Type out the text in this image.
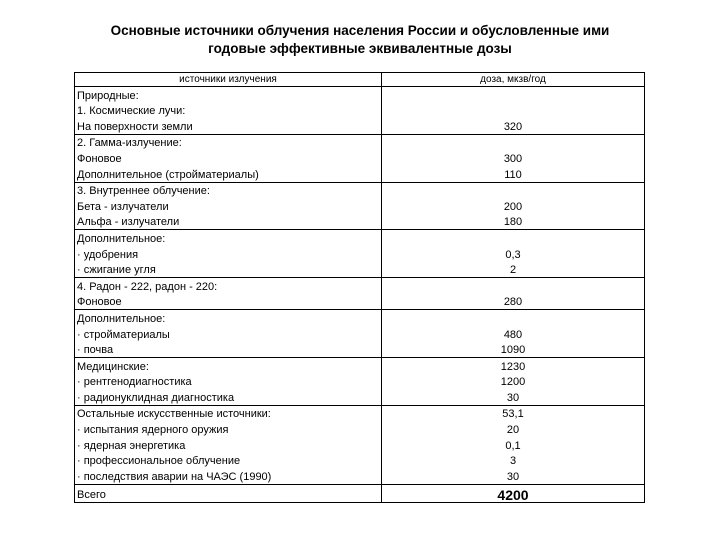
Основные источники облучения населения России и обусловленные ими
годовые эффективные эквивалентные дозы
источники излучения	доза, мкзв/год
Природные:	
1. Космические лучи:	
На поверхности земли	320
2. Гамма-излучение:	
Фоновое	300
Дополнительное (стройматериалы)	110
3. Внутреннее облучение:	
Бета - излучатели	200
Альфа - излучатели	180
Дополнительное:	
· удобрения	0,3
· сжигание угля	2
4. Радон - 222, радон - 220:	
Фоновое	280
Дополнительное:	
· стройматериалы	480
· почва	1090
Медицинские:	1230
· рентгенодиагностика	1200
· радионуклидная диагностика	30
Остальные искусственные источники:	53,1
· испытания ядерного оружия	20
· ядерная энергетика	0,1
· профессиональное облучение	3
· последствия аварии на ЧАЭС (1990)	30
Всего	4200
